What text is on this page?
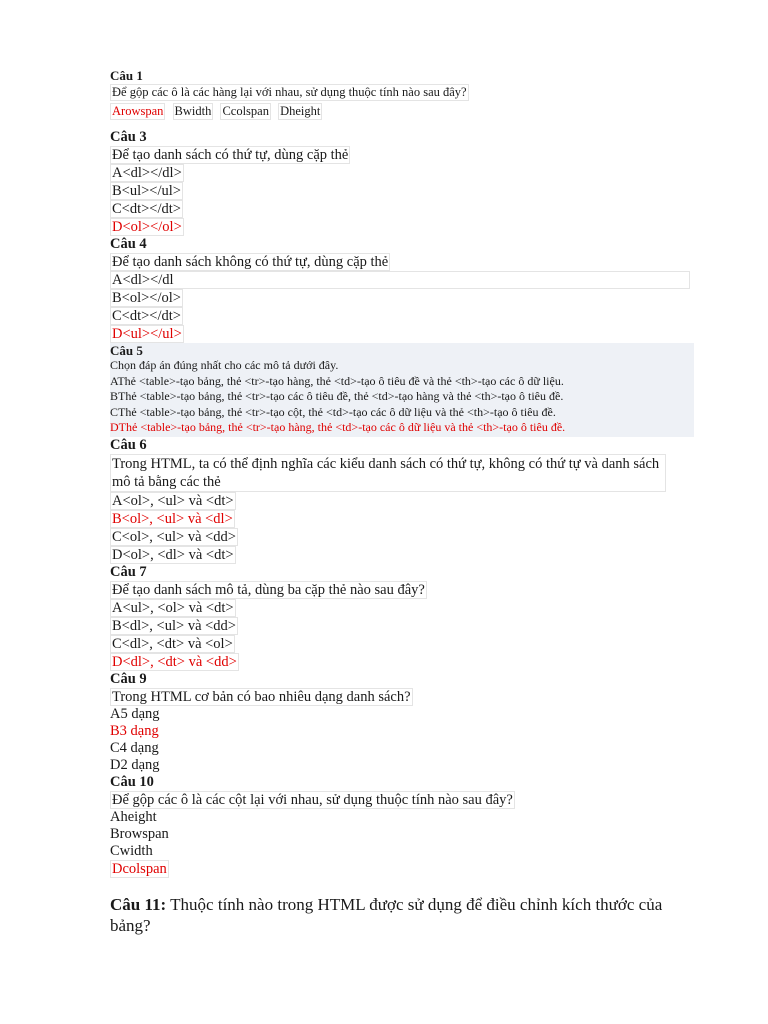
Câu 1
Để gộp các ô là các hàng lại với nhau, sử dụng thuộc tính nào sau đây?
Arowspan Bwidth Ccolspan Dheight
Câu 3
Để tạo danh sách có thứ tự, dùng cặp thẻ
A<dl></dl>
B<ul></ul>
C<dt></dt>
D<ol></ol>
Câu 4
Để tạo danh sách không có thứ tự, dùng cặp thẻ
A<dl></dl
B<ol></ol>
C<dt></dt>
D<ul></ul>
Câu 5
Chọn đáp án đúng nhất cho các mô tả dưới đây.
AThẻ <table>-tạo bảng, thẻ <tr>-tạo hàng, thẻ <td>-tạo ô tiêu đề và thẻ <th>-tạo các ô dữ liệu.
BThẻ <table>-tạo bảng, thẻ <tr>-tạo các ô tiêu đề, thẻ <td>-tạo hàng và thẻ <th>-tạo ô tiêu đề.
CThẻ <table>-tạo bảng, thẻ <tr>-tạo cột, thẻ <td>-tạo các ô dữ liệu và thẻ <th>-tạo ô tiêu đề.
DThẻ <table>-tạo bảng, thẻ <tr>-tạo hàng, thẻ <td>-tạo các ô dữ liệu và thẻ <th>-tạo ô tiêu đề.
Câu 6
Trong HTML, ta có thể định nghĩa các kiểu danh sách có thứ tự, không có thứ tự và danh sách mô tả bằng các thẻ
A<ol>, <ul> và <dt>
B<ol>, <ul> và <dl>
C<ol>, <ul> và <dd>
D<ol>, <dl> và <dt>
Câu 7
Để tạo danh sách mô tả, dùng ba cặp thẻ nào sau đây?
A<ul>, <ol> và <dt>
B<dl>, <ul> và <dd>
C<dl>, <dt> và <ol>
D<dl>, <dt> và <dd>
Câu 9
Trong HTML cơ bản có bao nhiêu dạng danh sách?
A5 dạng
B3 dạng
C4 dạng
D2 dạng
Câu 10
Để gộp các ô là các cột lại với nhau, sử dụng thuộc tính nào sau đây?
Aheight
Browspan
Cwidth
Dcolspan
Câu 11: Thuộc tính nào trong HTML được sử dụng để điều chỉnh kích thước của bảng?
